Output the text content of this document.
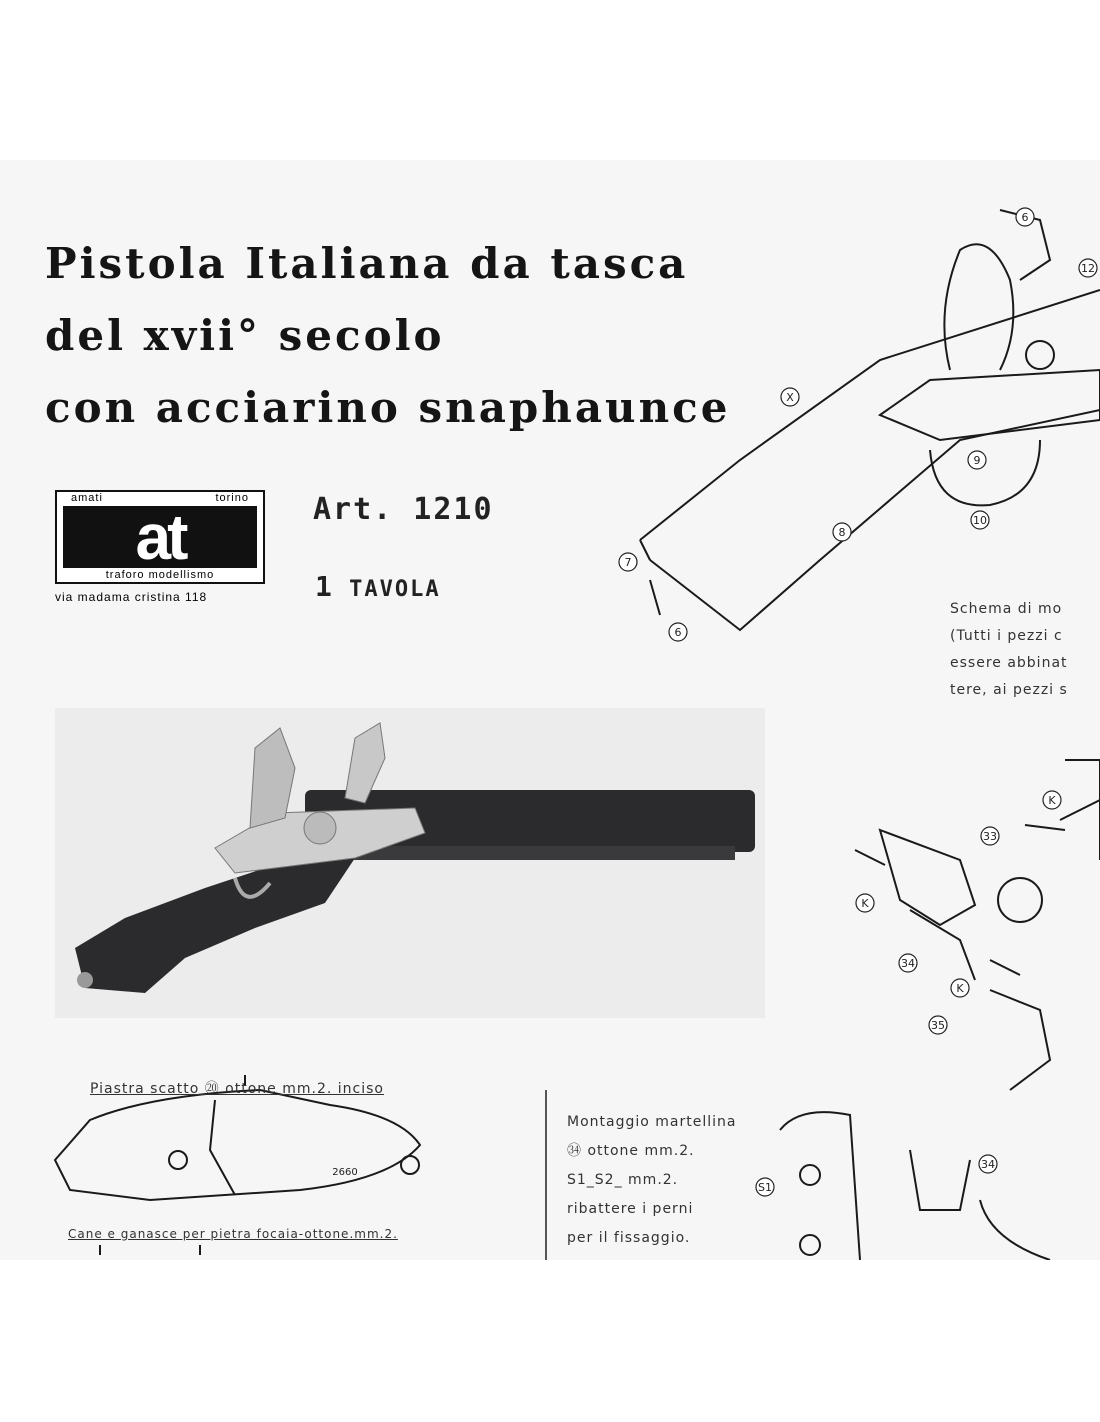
Pistola Italiana da tasca
del xvii° secolo
con acciarino snaphaunce
amati	torino
at
traforo modellismo
via madama cristina 118
Art. 1210
1 TAVOLA
6
12
X
9
10
8
7
6
K
33
K
34
K
35
S1
34
2660
Schema di mo
(Tutti i pezzi c
essere abbinat
tere, ai pezzi s
Piastra scatto ⑳ ottone mm.2. inciso
Cane e ganasce per pietra focaia-ottone.mm.2.
Montaggio martellina
㉞ ottone mm.2.
S1_S2_ mm.2.
ribattere i perni
per il fissaggio.
